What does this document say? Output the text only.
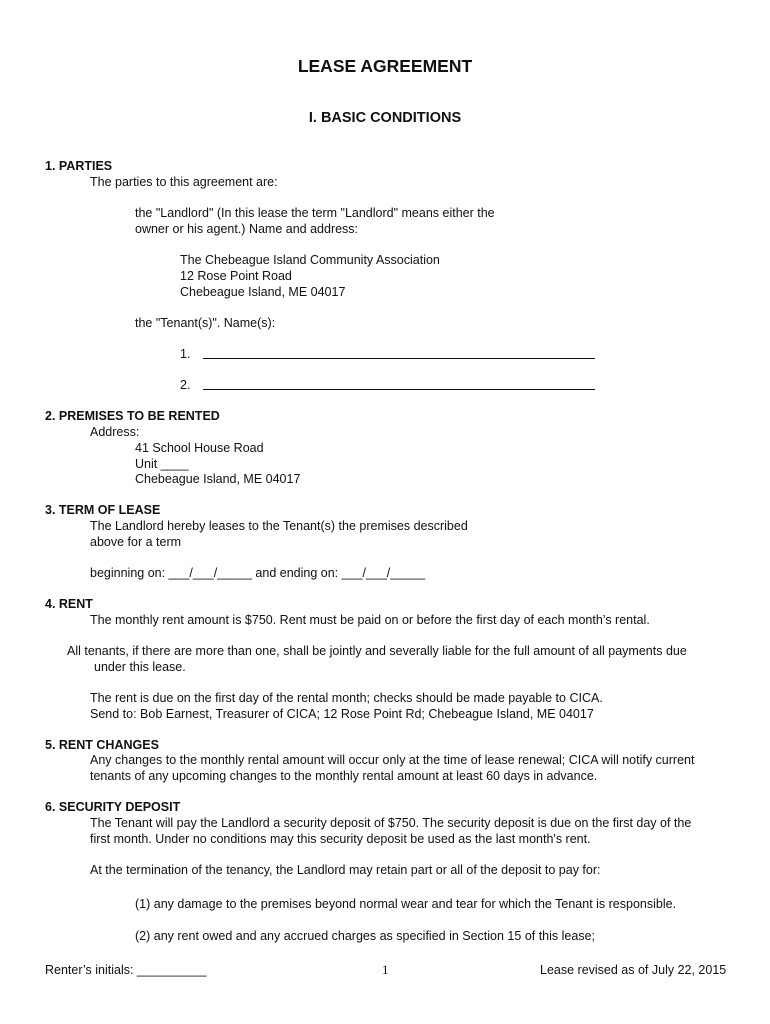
LEASE AGREEMENT
I. BASIC CONDITIONS
1. PARTIES
The parties to this agreement are:
the "Landlord" (In this lease the term "Landlord" means either the
owner or his agent.) Name and address:
The Chebeague Island Community Association
12 Rose Point Road
Chebeague Island, ME 04017
the "Tenant(s)". Name(s):
1.
2.
2. PREMISES TO BE RENTED
Address:
41 School House Road
Unit ____
Chebeague Island, ME 04017
3. TERM OF LEASE
The Landlord hereby leases to the Tenant(s) the premises described
above for a term
beginning on: ___/___/_____ and ending on: ___/___/_____
4. RENT
The monthly rent amount is $750. Rent must be paid on or before the first day of each month’s rental.
All tenants, if there are more than one, shall be jointly and severally liable for the full amount of all payments due
under this lease.
The rent is due on the first day of the rental month; checks should be made payable to CICA.
Send to: Bob Earnest, Treasurer of CICA; 12 Rose Point Rd; Chebeague Island, ME 04017
5. RENT CHANGES
Any changes to the monthly rental amount will occur only at the time of lease renewal; CICA will notify current
tenants of any upcoming changes to the monthly rental amount at least 60 days in advance.
6. SECURITY DEPOSIT
The Tenant will pay the Landlord a security deposit of $750. The security deposit is due on the first day of the
first month. Under no conditions may this security deposit be used as the last month's rent.
At the termination of the tenancy, the Landlord may retain part or all of the deposit to pay for:
(1) any damage to the premises beyond normal wear and tear for which the Tenant is responsible.
(2) any rent owed and any accrued charges as specified in Section 15 of this lease;
Renter’s initials: __________	1	Lease revised as of July 22, 2015
